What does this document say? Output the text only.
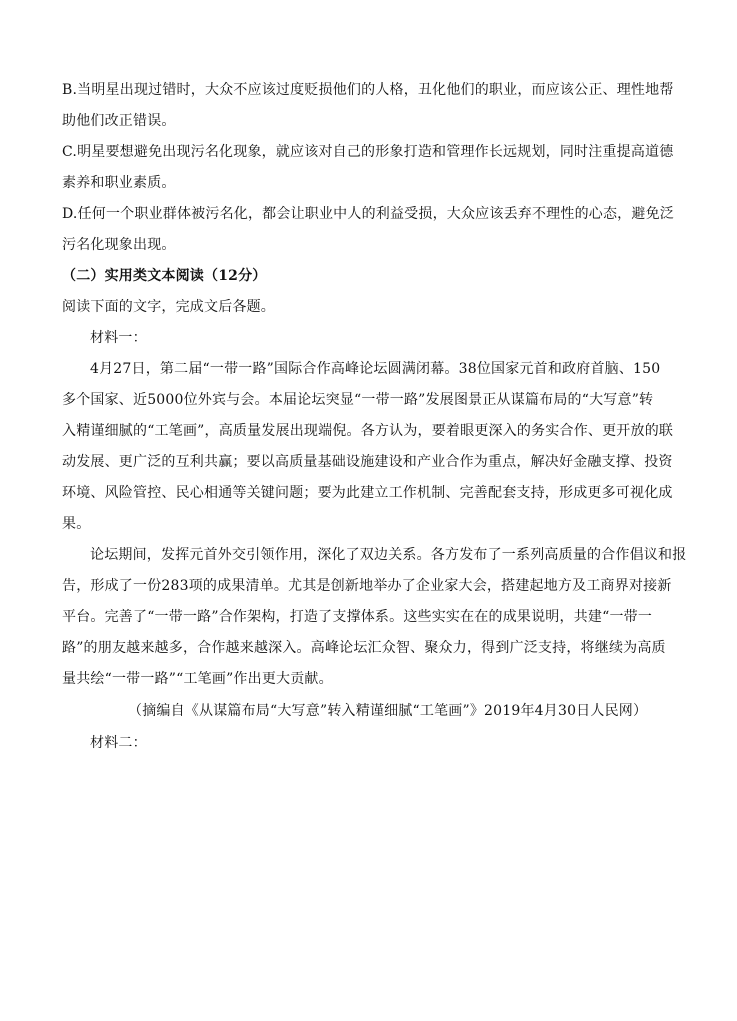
B.当明星出现过错时，大众不应该过度贬损他们的人格，丑化他们的职业，而应该公正、理性地帮
助他们改正错误。
C.明星要想避免出现污名化现象，就应该对自己的形象打造和管理作长远规划，同时注重提高道德
素养和职业素质。
D.任何一个职业群体被污名化，都会让职业中人的利益受损，大众应该丢弃不理性的心态，避免泛
污名化现象出现。
（二）实用类文本阅读（12分）
阅读下面的文字，完成文后各题。
材料一：
4月27日，第二届“一带一路”国际合作高峰论坛圆满闭幕。38位国家元首和政府首脑、150
多个国家、近5000位外宾与会。本届论坛突显“一带一路”发展图景正从谋篇布局的“大写意”转
入精谨细腻的“工笔画”，高质量发展出现端倪。各方认为，要着眼更深入的务实合作、更开放的联
动发展、更广泛的互利共赢；要以高质量基础设施建设和产业合作为重点，解决好金融支撑、投资
环境、风险管控、民心相通等关键问题；要为此建立工作机制、完善配套支持，形成更多可视化成
果。
论坛期间，发挥元首外交引领作用，深化了双边关系。各方发布了一系列高质量的合作倡议和报
告，形成了一份283项的成果清单。尤其是创新地举办了企业家大会，搭建起地方及工商界对接新
平台。完善了“一带一路”合作架构，打造了支撑体系。这些实实在在的成果说明，共建“一带一
路”的朋友越来越多，合作越来越深入。高峰论坛汇众智、聚众力，得到广泛支持，将继续为高质
量共绘“一带一路”“工笔画”作出更大贡献。
（摘编自《从谋篇布局“大写意”转入精谨细腻“工笔画”》2019年4月30日人民网）
材料二：
